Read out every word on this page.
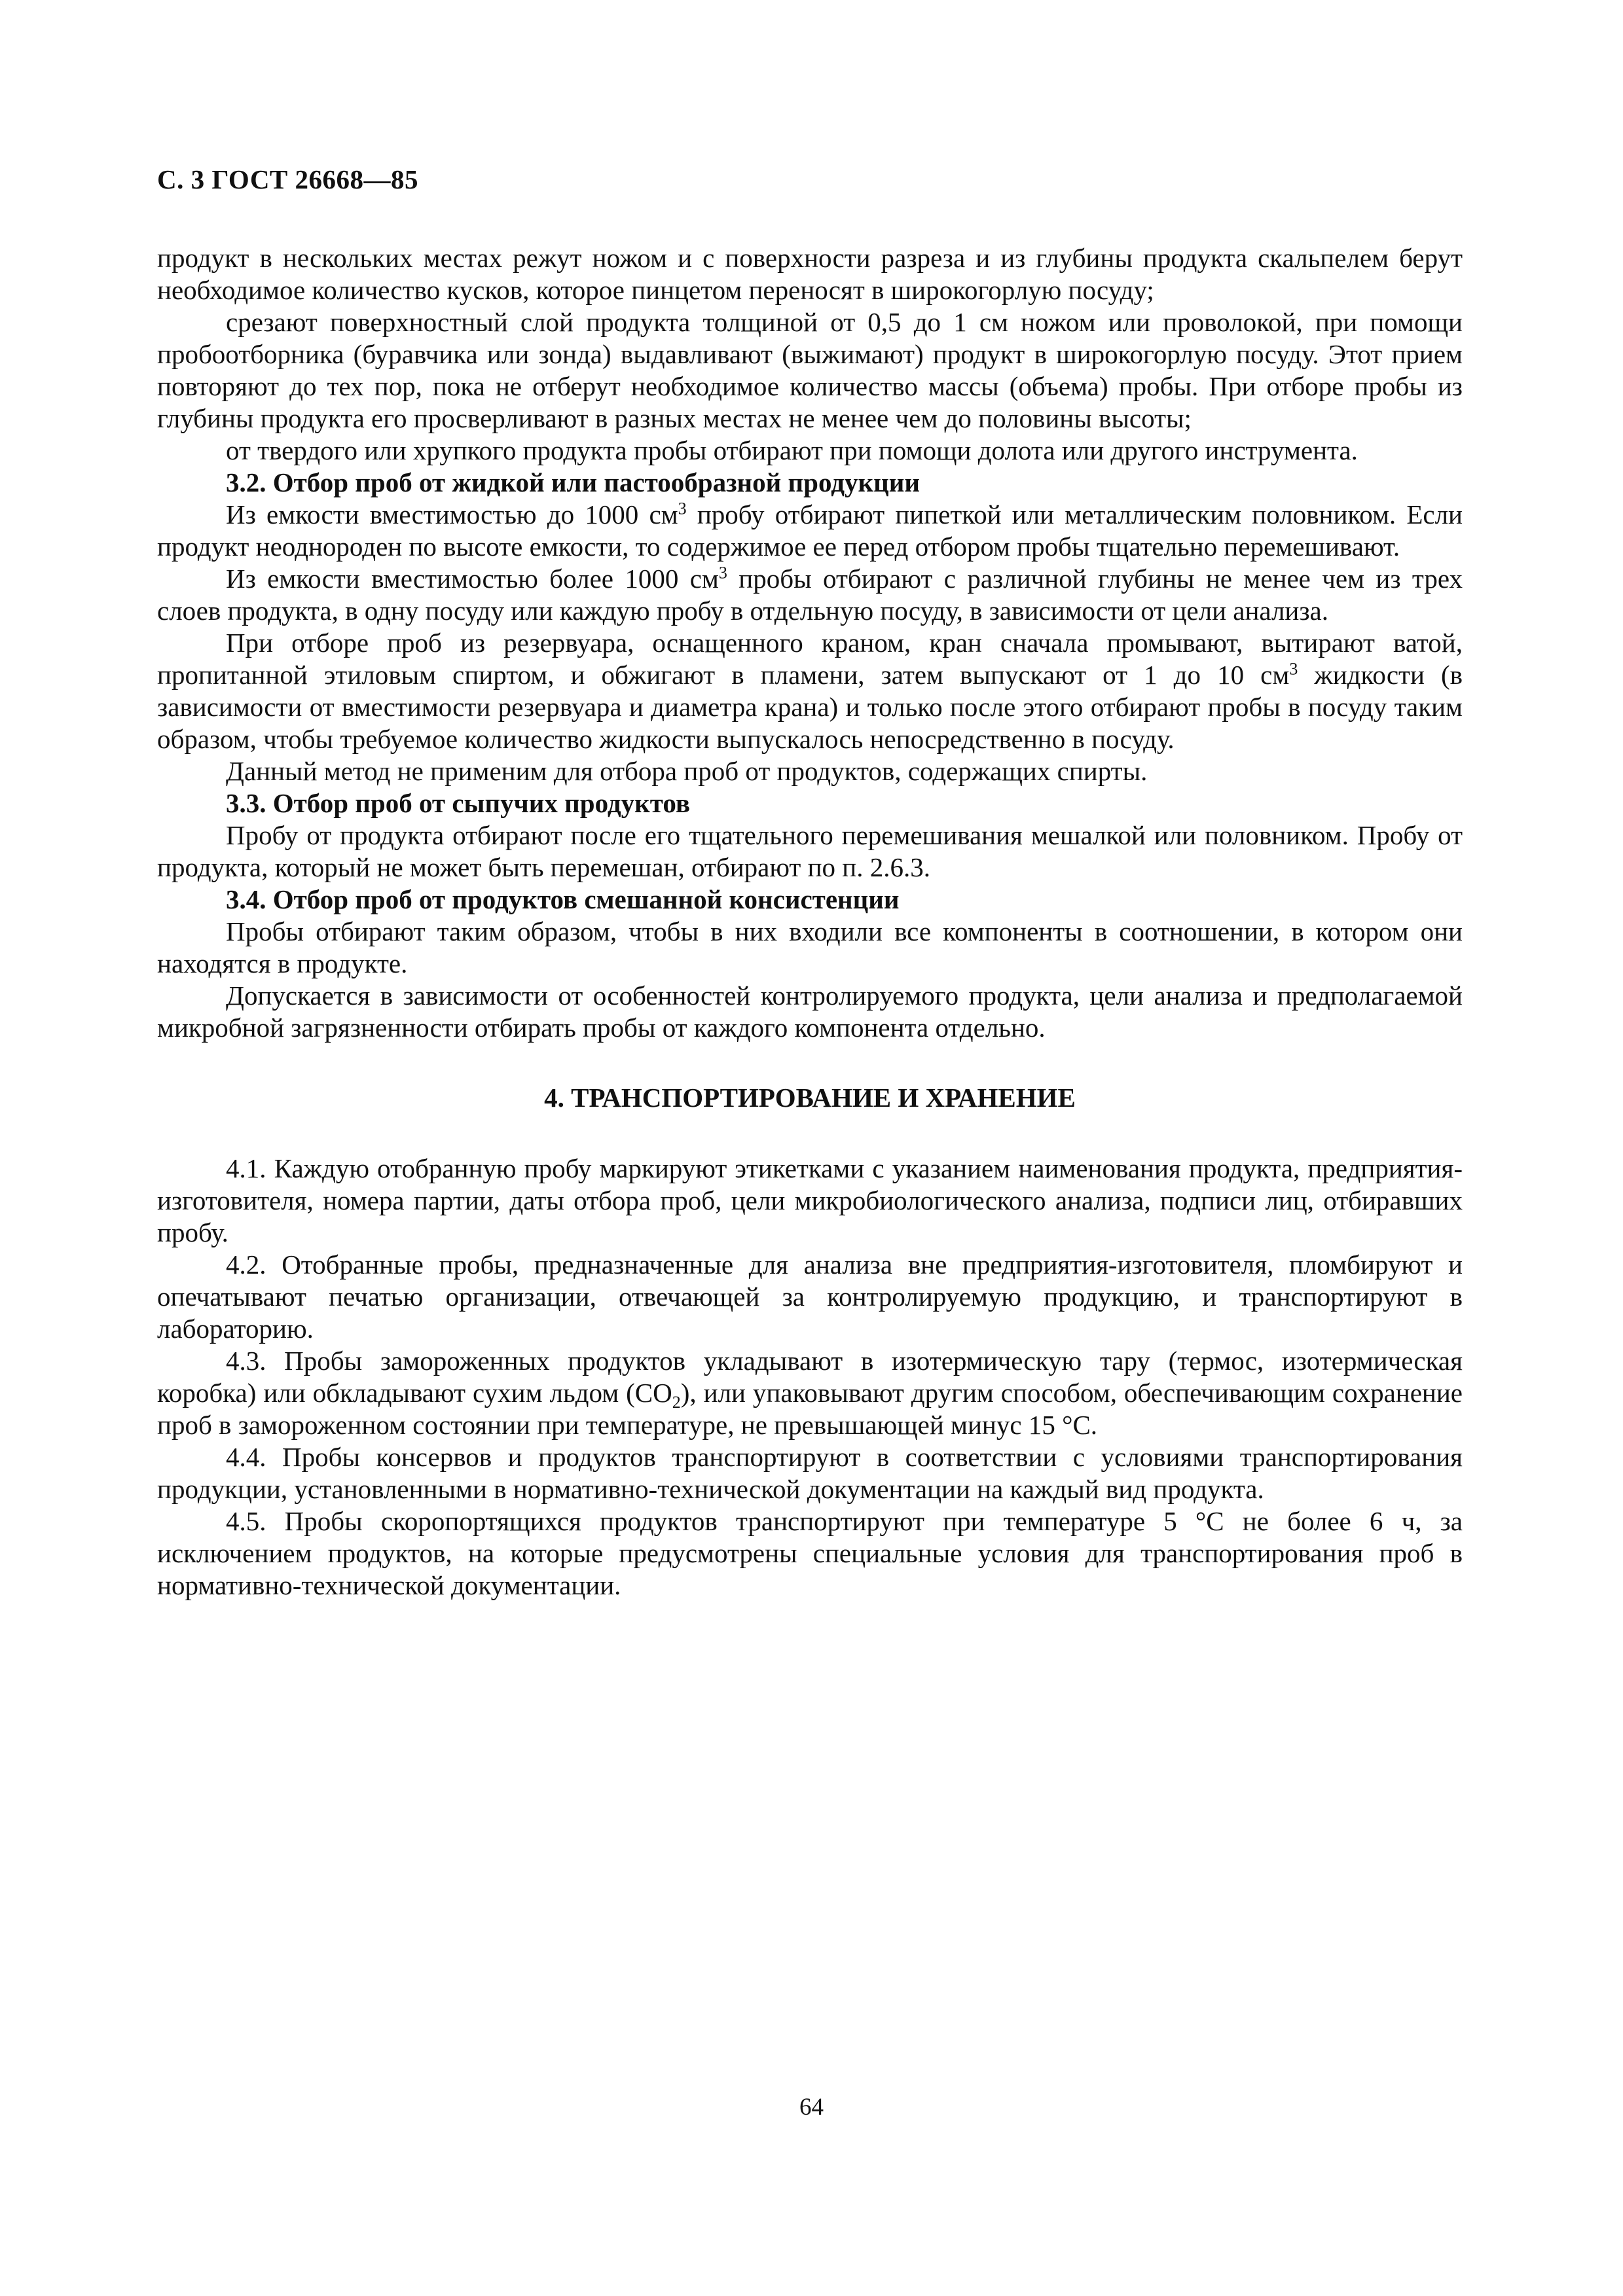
С. 3 ГОСТ 26668—85

продукт в нескольких местах режут ножом и с поверхности разреза и из глубины продукта скальпелем берут необходимое количество кусков, которое пинцетом переносят в широкогорлую посуду;

срезают поверхностный слой продукта толщиной от 0,5 до 1 см ножом или проволокой, при помощи пробоотборника (буравчика или зонда) выдавливают (выжимают) продукт в широкогорлую посуду. Этот прием повторяют до тех пор, пока не отберут необходимое количество массы (объема) пробы. При отборе пробы из глубины продукта его просверливают в разных местах не менее чем до половины высоты;

от твердого или хрупкого продукта пробы отбирают при помощи долота или другого инструмента.

3.2. Отбор проб от жидкой или пастообразной продукции

Из емкости вместимостью до 1000 $см^3$ пробу отбирают пипеткой или металлическим половником. Если продукт неоднороден по высоте емкости, то содержимое ее перед отбором пробы тщательно перемешивают.

Из емкости вместимостью более 1000 $см^3$ пробы отбирают с различной глубины не менее чем из трех слоев продукта, в одну посуду или каждую пробу в отдельную посуду, в зависимости от цели анализа.

При отборе проб из резервуара, оснащенного краном, кран сначала промывают, вытирают ватой, пропитанной этиловым спиртом, и обжигают в пламени, затем выпускают от 1 до 10 $см^3$ жидкости (в зависимости от вместимости резервуара и диаметра крана) и только после этого отбирают пробы в посуду таким образом, чтобы требуемое количество жидкости выпускалось непосредственно в посуду.

Данный метод не применим для отбора проб от продуктов, содержащих спирты.

3.3. Отбор проб от сыпучих продуктов

Пробу от продукта отбирают после его тщательного перемешивания мешалкой или половником. Пробу от продукта, который не может быть перемешан, отбирают по п. 2.6.3.

3.4. Отбор проб от продуктов смешанной консистенции

Пробы отбирают таким образом, чтобы в них входили все компоненты в соотношении, в котором они находятся в продукте.

Допускается в зависимости от особенностей контролируемого продукта, цели анализа и предполагаемой микробной загрязненности отбирать пробы от каждого компонента отдельно.

4. ТРАНСПОРТИРОВАНИЕ И ХРАНЕНИЕ

4.1. Каждую отобранную пробу маркируют этикетками с указанием наименования продукта, предприятия-изготовителя, номера партии, даты отбора проб, цели микробиологического анализа, подписи лиц, отбиравших пробу.

4.2. Отобранные пробы, предназначенные для анализа вне предприятия-изготовителя, пломбируют и опечатывают печатью организации, отвечающей за контролируемую продукцию, и транспортируют в лабораторию.

4.3. Пробы замороженных продуктов укладывают в изотермическую тару (термос, изотермическая коробка) или обкладывают сухим льдом $(CO_2)$, или упаковывают другим способом, обеспечивающим сохранение проб в замороженном состоянии при температуре, не превышающей минус 15 °С.

4.4. Пробы консервов и продуктов транспортируют в соответствии с условиями транспортирования продукции, установленными в нормативно-технической документации на каждый вид продукта.

4.5. Пробы скоропортящихся продуктов транспортируют при температуре 5 °С не более 6 ч, за исключением продуктов, на которые предусмотрены специальные условия для транспортирования проб в нормативно-технической документации.

64
